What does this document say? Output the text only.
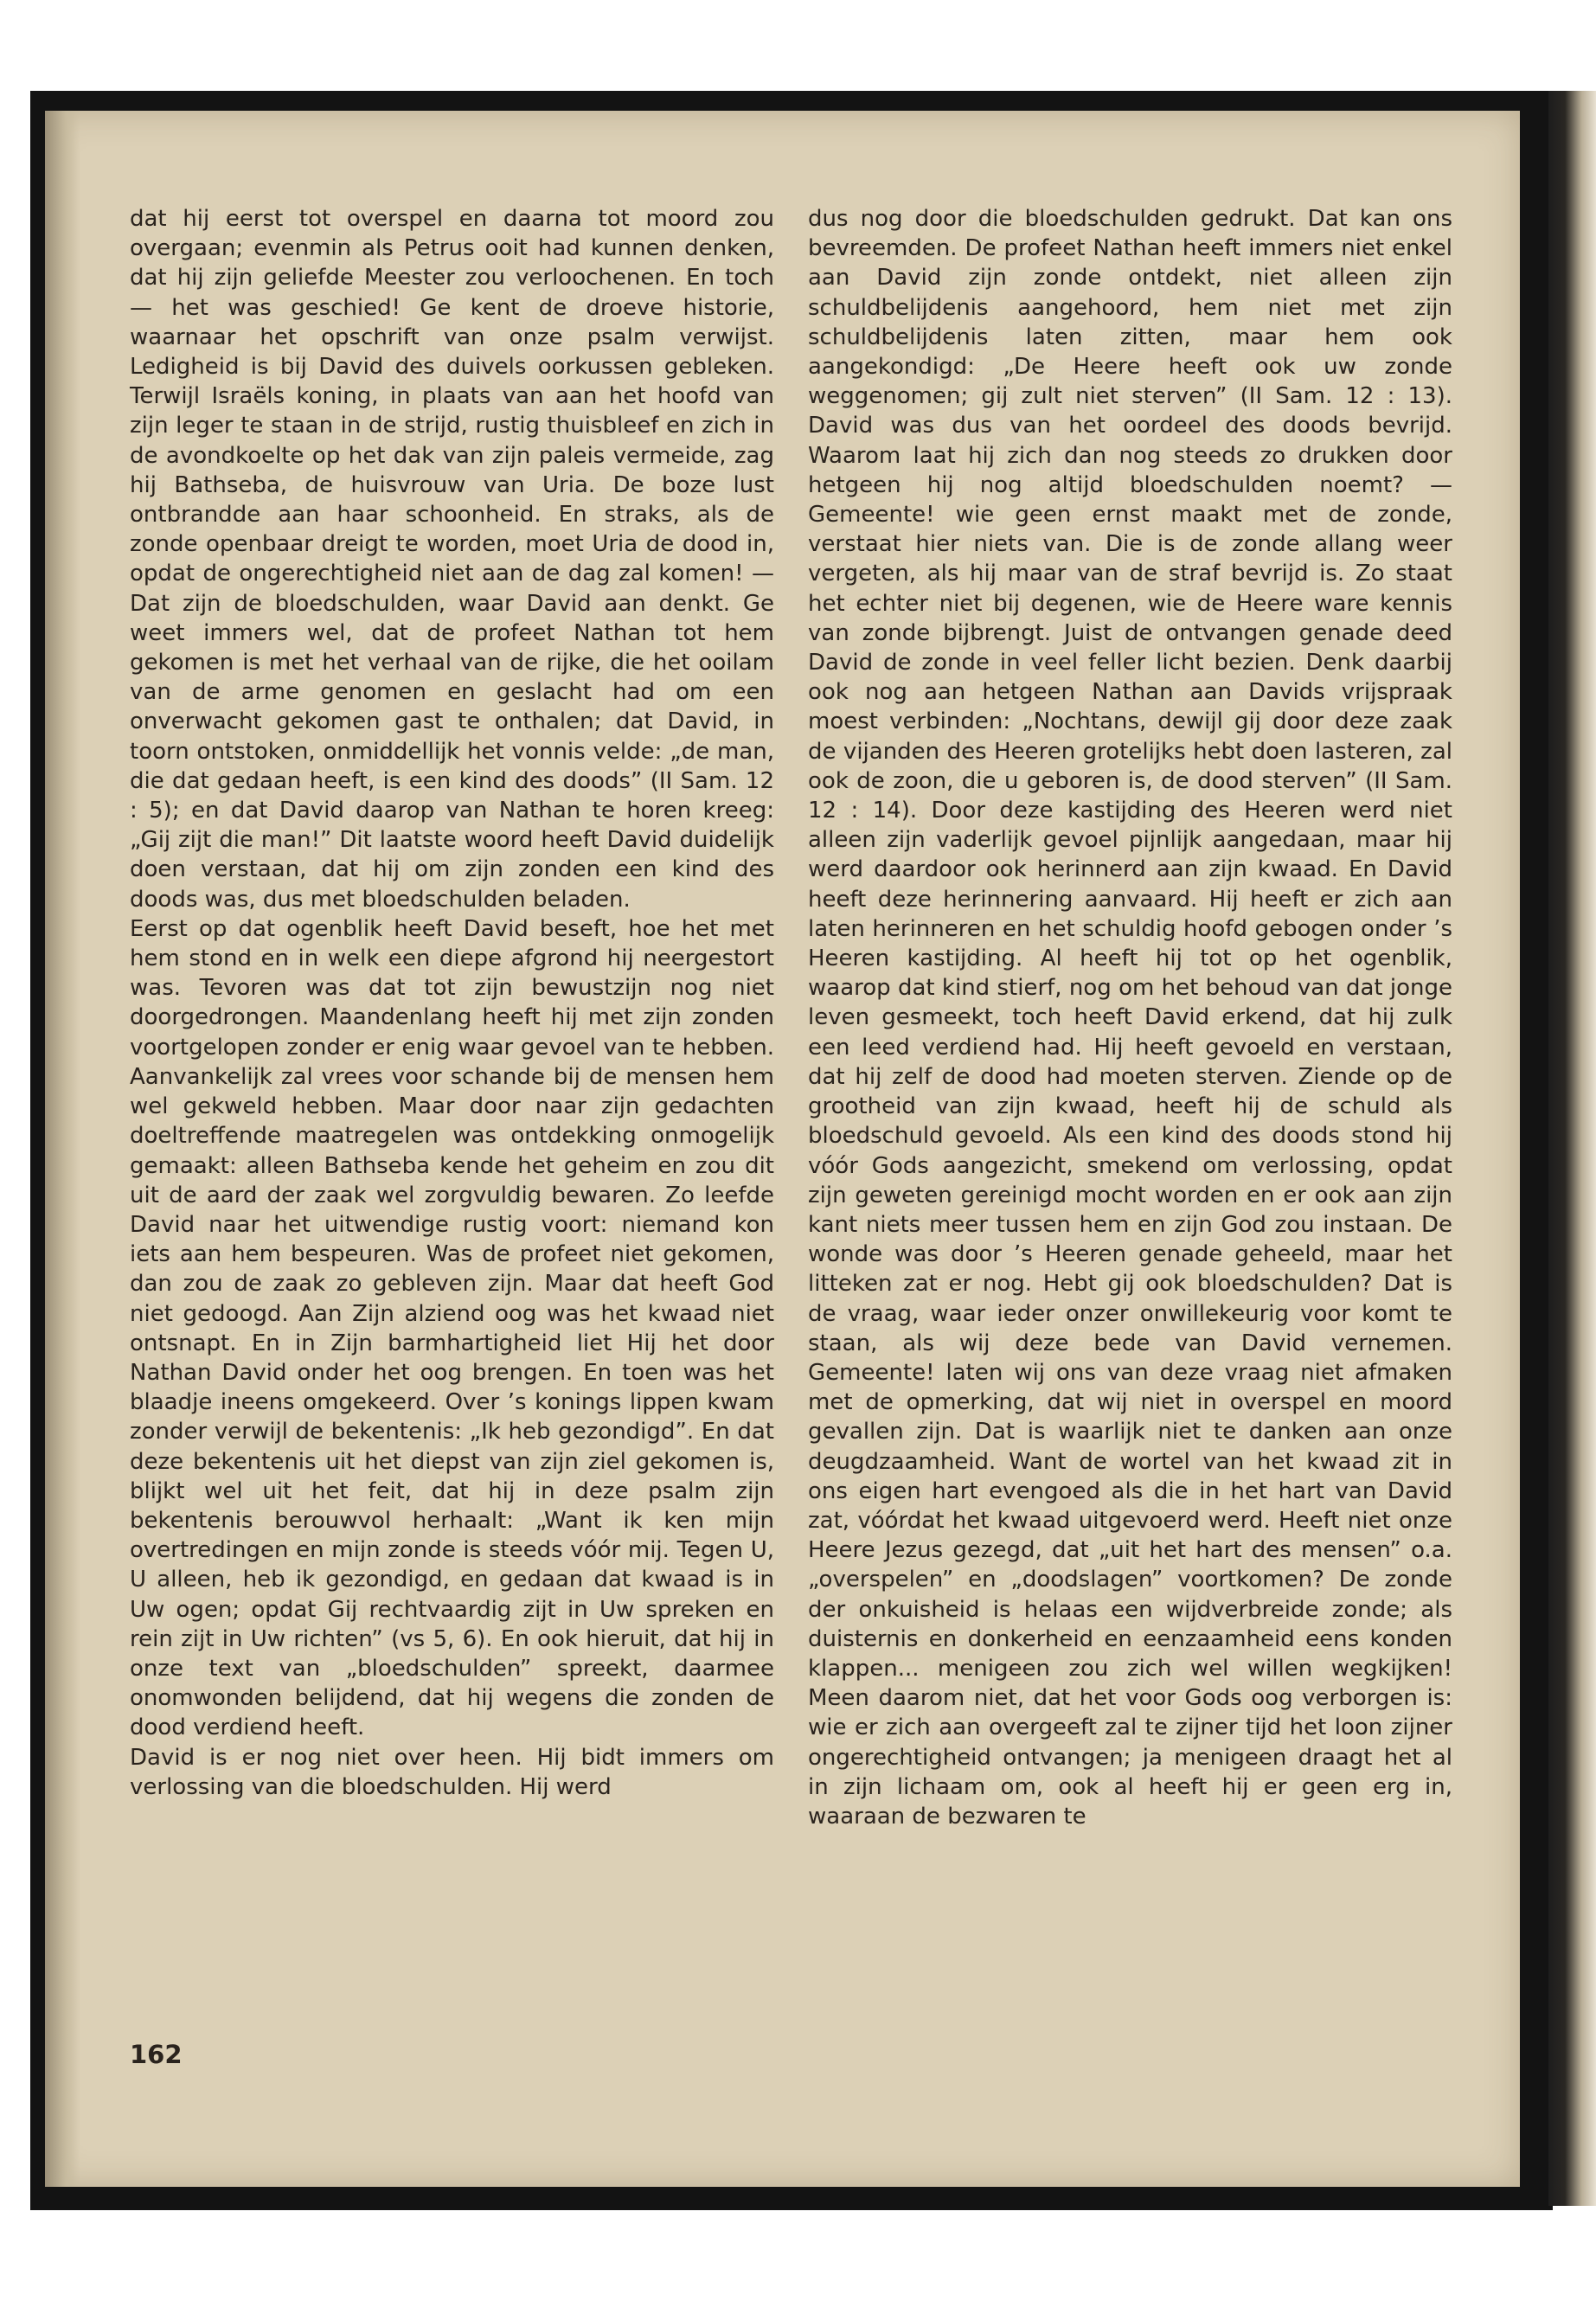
dat hij eerst tot overspel en daarna tot moord zou overgaan; evenmin als Petrus ooit had kunnen denken, dat hij zijn geliefde Meester zou verloochenen. En toch — het was geschied! Ge kent de droeve historie, waarnaar het opschrift van onze psalm verwijst. Ledigheid is bij David des duivels oorkussen gebleken. Terwijl Israëls koning, in plaats van aan het hoofd van zijn leger te staan in de strijd, rustig thuisbleef en zich in de avondkoelte op het dak van zijn paleis vermeide, zag hij Bathseba, de huisvrouw van Uria. De boze lust ontbrandde aan haar schoonheid. En straks, als de zonde openbaar dreigt te worden, moet Uria de dood in, opdat de ongerechtigheid niet aan de dag zal komen! — Dat zijn de bloedschulden, waar David aan denkt. Ge weet immers wel, dat de profeet Nathan tot hem gekomen is met het verhaal van de rijke, die het ooilam van de arme genomen en geslacht had om een onverwacht gekomen gast te onthalen; dat David, in toorn ontstoken, onmiddellijk het vonnis velde: „de man, die dat gedaan heeft, is een kind des doods” (II Sam. 12 : 5); en dat David daarop van Nathan te horen kreeg: „Gij zijt die man!” Dit laatste woord heeft David duidelijk doen verstaan, dat hij om zijn zonden een kind des doods was, dus met bloedschulden beladen.

Eerst op dat ogenblik heeft David beseft, hoe het met hem stond en in welk een diepe afgrond hij neergestort was. Tevoren was dat tot zijn bewustzijn nog niet doorgedrongen. Maandenlang heeft hij met zijn zonden voortgelopen zonder er enig waar gevoel van te hebben. Aanvankelijk zal vrees voor schande bij de mensen hem wel gekweld hebben. Maar door naar zijn gedachten doeltreffende maatregelen was ontdekking onmogelijk gemaakt: alleen Bathseba kende het geheim en zou dit uit de aard der zaak wel zorgvuldig bewaren. Zo leefde David naar het uitwendige rustig voort: niemand kon iets aan hem bespeuren. Was de profeet niet gekomen, dan zou de zaak zo gebleven zijn. Maar dat heeft God niet gedoogd. Aan Zijn alziend oog was het kwaad niet ontsnapt. En in Zijn barmhartigheid liet Hij het door Nathan David onder het oog brengen. En toen was het blaadje ineens omgekeerd. Over ’s konings lippen kwam zonder verwijl de bekentenis: „Ik heb gezondigd”. En dat deze bekentenis uit het diepst van zijn ziel gekomen is, blijkt wel uit het feit, dat hij in deze psalm zijn bekentenis berouwvol herhaalt: „Want ik ken mijn overtredingen en mijn zonde is steeds vóór mij. Tegen U, U alleen, heb ik gezondigd, en gedaan dat kwaad is in Uw ogen; opdat Gij rechtvaardig zijt in Uw spreken en rein zijt in Uw richten” (vs 5, 6). En ook hieruit, dat hij in onze text van „bloedschulden” spreekt, daarmee onomwonden belijdend, dat hij wegens die zonden de dood verdiend heeft.

David is er nog niet over heen. Hij bidt immers om verlossing van die bloedschulden. Hij werd

dus nog door die bloedschulden gedrukt. Dat kan ons bevreemden. De profeet Nathan heeft immers niet enkel aan David zijn zonde ontdekt, niet alleen zijn schuldbelijdenis aangehoord, hem niet met zijn schuldbelijdenis laten zitten, maar hem ook aangekondigd: „De Heere heeft ook uw zonde weggenomen; gij zult niet sterven” (II Sam. 12 : 13). David was dus van het oordeel des doods bevrijd. Waarom laat hij zich dan nog steeds zo drukken door hetgeen hij nog altijd bloedschulden noemt? — Gemeente! wie geen ernst maakt met de zonde, verstaat hier niets van. Die is de zonde allang weer vergeten, als hij maar van de straf bevrijd is. Zo staat het echter niet bij degenen, wie de Heere ware kennis van zonde bijbrengt. Juist de ontvangen genade deed David de zonde in veel feller licht bezien. Denk daarbij ook nog aan hetgeen Nathan aan Davids vrijspraak moest verbinden: „Nochtans, dewijl gij door deze zaak de vijanden des Heeren grotelijks hebt doen lasteren, zal ook de zoon, die u geboren is, de dood sterven” (II Sam. 12 : 14). Door deze kastijding des Heeren werd niet alleen zijn vaderlijk gevoel pijnlijk aangedaan, maar hij werd daardoor ook herinnerd aan zijn kwaad. En David heeft deze herinnering aanvaard. Hij heeft er zich aan laten herinneren en het schuldig hoofd gebogen onder ’s Heeren kastijding. Al heeft hij tot op het ogenblik, waarop dat kind stierf, nog om het behoud van dat jonge leven gesmeekt, toch heeft David erkend, dat hij zulk een leed verdiend had. Hij heeft gevoeld en verstaan, dat hij zelf de dood had moeten sterven. Ziende op de grootheid van zijn kwaad, heeft hij de schuld als bloedschuld gevoeld. Als een kind des doods stond hij vóór Gods aangezicht, smekend om verlossing, opdat zijn geweten gereinigd mocht worden en er ook aan zijn kant niets meer tussen hem en zijn God zou instaan. De wonde was door ’s Heeren genade geheeld, maar het litteken zat er nog. Hebt gij ook bloedschulden? Dat is de vraag, waar ieder onzer onwillekeurig voor komt te staan, als wij deze bede van David vernemen. Gemeente! laten wij ons van deze vraag niet afmaken met de opmerking, dat wij niet in overspel en moord gevallen zijn. Dat is waarlijk niet te danken aan onze deugdzaamheid. Want de wortel van het kwaad zit in ons eigen hart evengoed als die in het hart van David zat, vóórdat het kwaad uitgevoerd werd. Heeft niet onze Heere Jezus gezegd, dat „uit het hart des mensen” o.a. „overspelen” en „doodslagen” voortkomen? De zonde der onkuisheid is helaas een wijdverbreide zonde; als duisternis en donkerheid en eenzaamheid eens konden klappen... menigeen zou zich wel willen wegkijken! Meen daarom niet, dat het voor Gods oog verborgen is: wie er zich aan overgeeft zal te zijner tijd het loon zijner ongerechtigheid ontvangen; ja menigeen draagt het al in zijn lichaam om, ook al heeft hij er geen erg in, waaraan de bezwaren te

162
